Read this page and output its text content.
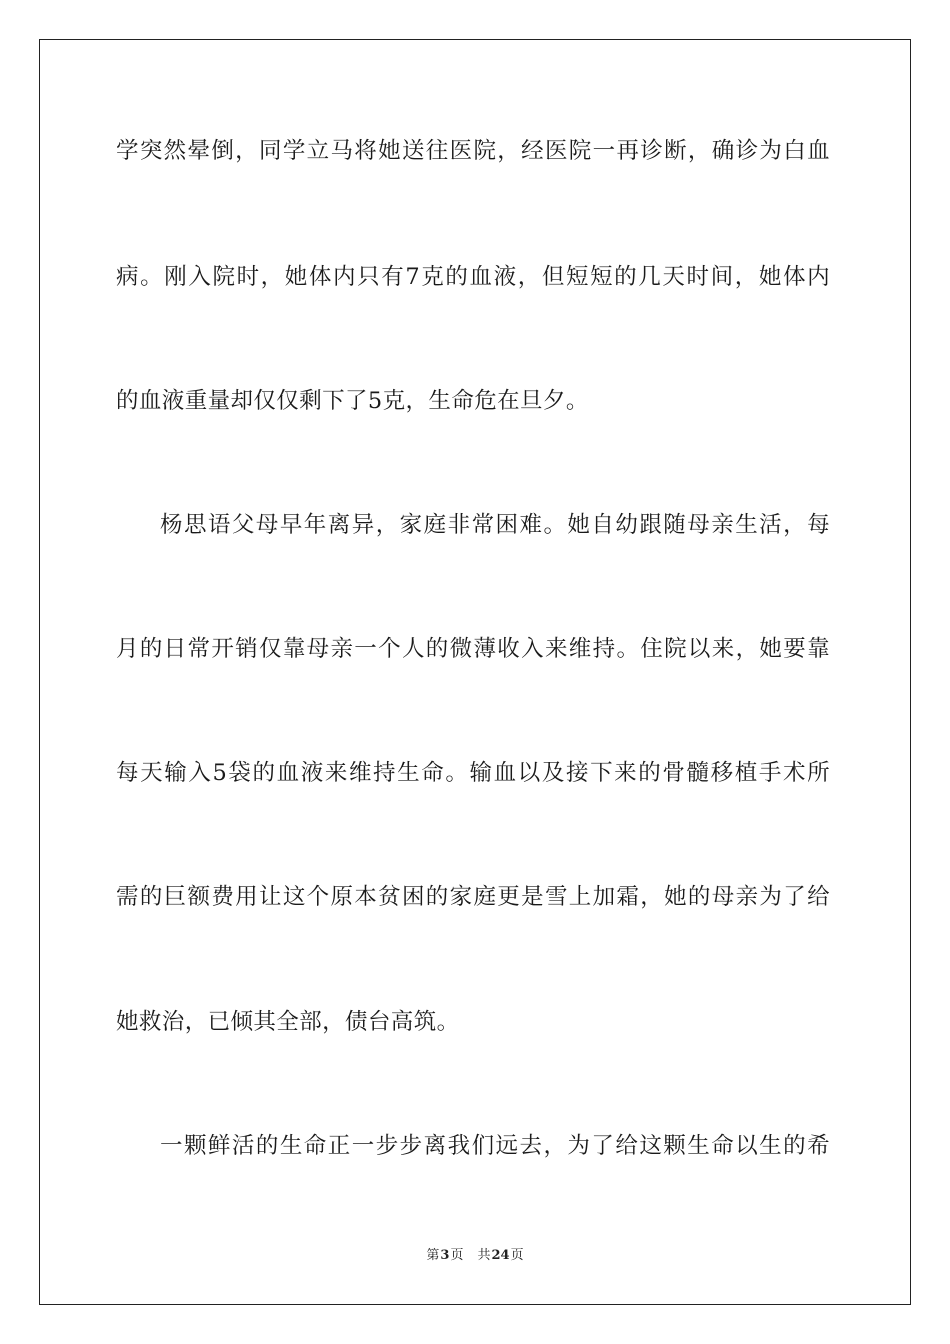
学突然晕倒，同学立马将她送往医院，经医院一再诊断，确诊为白血
病。刚入院时，她体内只有7克的血液，但短短的几天时间，她体内
的血液重量却仅仅剩下了5克，生命危在旦夕。
杨思语父母早年离异，家庭非常困难。她自幼跟随母亲生活，每
月的日常开销仅靠母亲一个人的微薄收入来维持。住院以来，她要靠
每天输入5袋的血液来维持生命。输血以及接下来的骨髓移植手术所
需的巨额费用让这个原本贫困的家庭更是雪上加霜，她的母亲为了给
她救治，已倾其全部，债台高筑。
一颗鲜活的生命正一步步离我们远去，为了给这颗生命以生的希
第3页 共24页
